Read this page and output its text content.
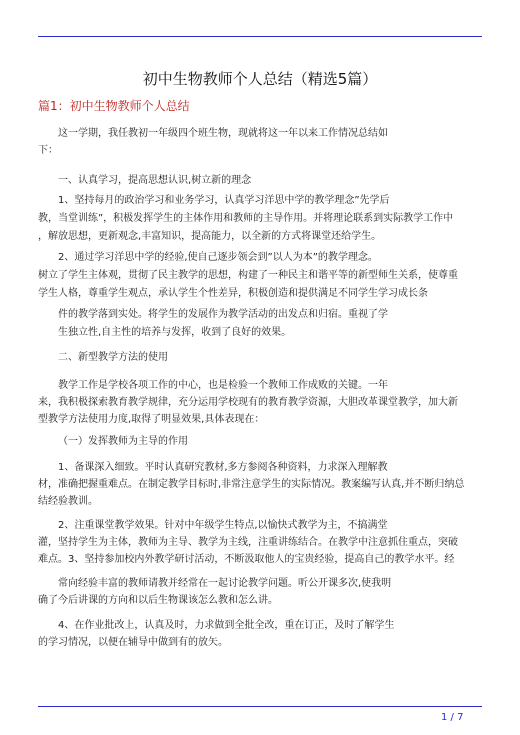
初中生物教师个人总结（精选5篇）
篇1：初中生物教师个人总结
这一学期，我任教初一年级四个班生物，现就将这一年以来工作情况总结如
下：
一、认真学习，提高思想认识,树立新的理念
1、坚持每月的政治学习和业务学习，认真学习洋思中学的教学理念”先学后
教，当堂训练”，积极发挥学生的主体作用和教师的主导作用。并将理论联系到实际教学工作中
，解放思想，更新观念,丰富知识，提高能力，以全新的方式将课堂还给学生。
2、通过学习洋思中学的经验,使自己逐步领会到”以人为本”的教学理念。
树立了学生主体观，贯彻了民主教学的思想，构建了一种民主和谐平等的新型师生关系，使尊重
学生人格，尊重学生观点，承认学生个性差异，积极创造和提供满足不同学生学习成长条
件的教学落到实处。将学生的发展作为教学活动的出发点和归宿。重视了学
生独立性,自主性的培养与发挥，收到了良好的效果。
二、新型教学方法的使用
教学工作是学校各项工作的中心，也是检验一个教师工作成败的关键。一年
来，我积极探索教育教学规律，充分运用学校现有的教育教学资源，大胆改革课堂教学，加大新
型教学方法使用力度,取得了明显效果,具体表现在：
（一）发挥教师为主导的作用
1、备课深入细致。平时认真研究教材,多方参阅各种资料，力求深入理解教
材，准确把握重难点。在制定教学目标时,非常注意学生的实际情况。教案编写认真,并不断归纳总
结经验教训。
2、注重课堂教学效果。针对中年级学生特点,以愉快式教学为主，不搞满堂
灌，坚持学生为主体，教师为主导、教学为主线，注重讲练结合。在教学中注意抓住重点，突破
难点。3、坚持参加校内外教学研讨活动，不断汲取他人的宝贵经验，提高自己的教学水平。经
常向经验丰富的教师请教并经常在一起讨论教学问题。听公开课多次,使我明
确了今后讲课的方向和以后生物课该怎么教和怎么讲。
4、在作业批改上，认真及时，力求做到全批全改，重在订正，及时了解学生
的学习情况，以便在辅导中做到有的放矢。
1 / 7
